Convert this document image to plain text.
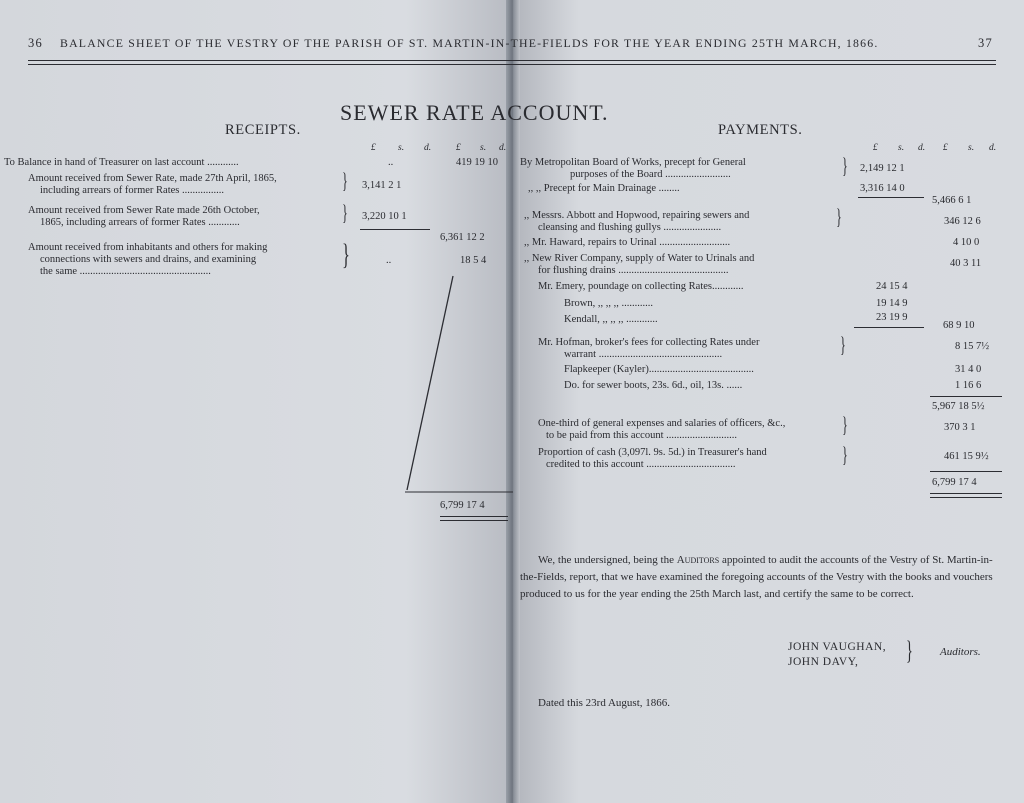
36 BALANCE SHEET OF THE VESTRY OF THE PARISH OF ST. MARTIN-IN-THE-FIELDS FOR THE YEAR ENDING 25TH MARCH, 1866.	37
SEWER RATE ACCOUNT.
RECEIPTS.	PAYMENTS.
£ s. d.	£ s. d.
To Balance in hand of Treasurer on last account ............	..	419 19 10
Amount received from Sewer Rate, made 27th April, 1865,
including arrears of former Rates ................	} 3,141 2 1
Amount received from Sewer Rate made 26th October,
1865, including arrears of former Rates ............	} 3,220 10 1
6,361 12 2
Amount received from inhabitants and others for making
connections with sewers and drains, and examining
the same ..................................................
}	..	18 5 4
6,799 17 4
£ s. d. £ s. d.
By Metropolitan Board of Works, precept for General
purposes of the Board .........................	} 2,149 12 1
,, ,, Precept for Main Drainage ........	3,316 14 0
5,466 6 1
,, Messrs. Abbott and Hopwood, repairing sewers and
cleansing and flushing gullys ......................	}	346 12 6
,, Mr. Haward, repairs to Urinal ...........................	4 10 0
,, New River Company, supply of Water to Urinals and
for flushing drains ..........................................
40 3 11
Mr. Emery, poundage on collecting Rates............	24 15 4
Brown, ,, ,, ,, ............	19 14 9
Kendall, ,, ,, ,, ............	23 19 9
68 9 10
Mr. Hofman, broker's fees for collecting Rates under
warrant ...............................................	}	8 15 7½
Flapkeeper (Kayler)........................................	31 4 0
Do. for sewer boots, 23s. 6d., oil, 13s. ......	1 16 6
5,967 18 5½
One-third of general expenses and salaries of officers, &c.,
to be paid from this account ...........................	}	370 3 1
Proportion of cash (3,097l. 9s. 5d.) in Treasurer's hand
credited to this account ..................................	}	461 15 9½
6,799 17 4
We, the undersigned, being the Auditors appointed to audit the accounts of the Vestry of St. Martin-in-the-Fields, report, that we have examined the foregoing accounts of the Vestry with the books and vouchers produced to us for the year ending the 25th March last, and certify the same to be correct.
JOHN VAUGHAN,
JOHN DAVY, } Auditors.
Dated this 23rd August, 1866.
